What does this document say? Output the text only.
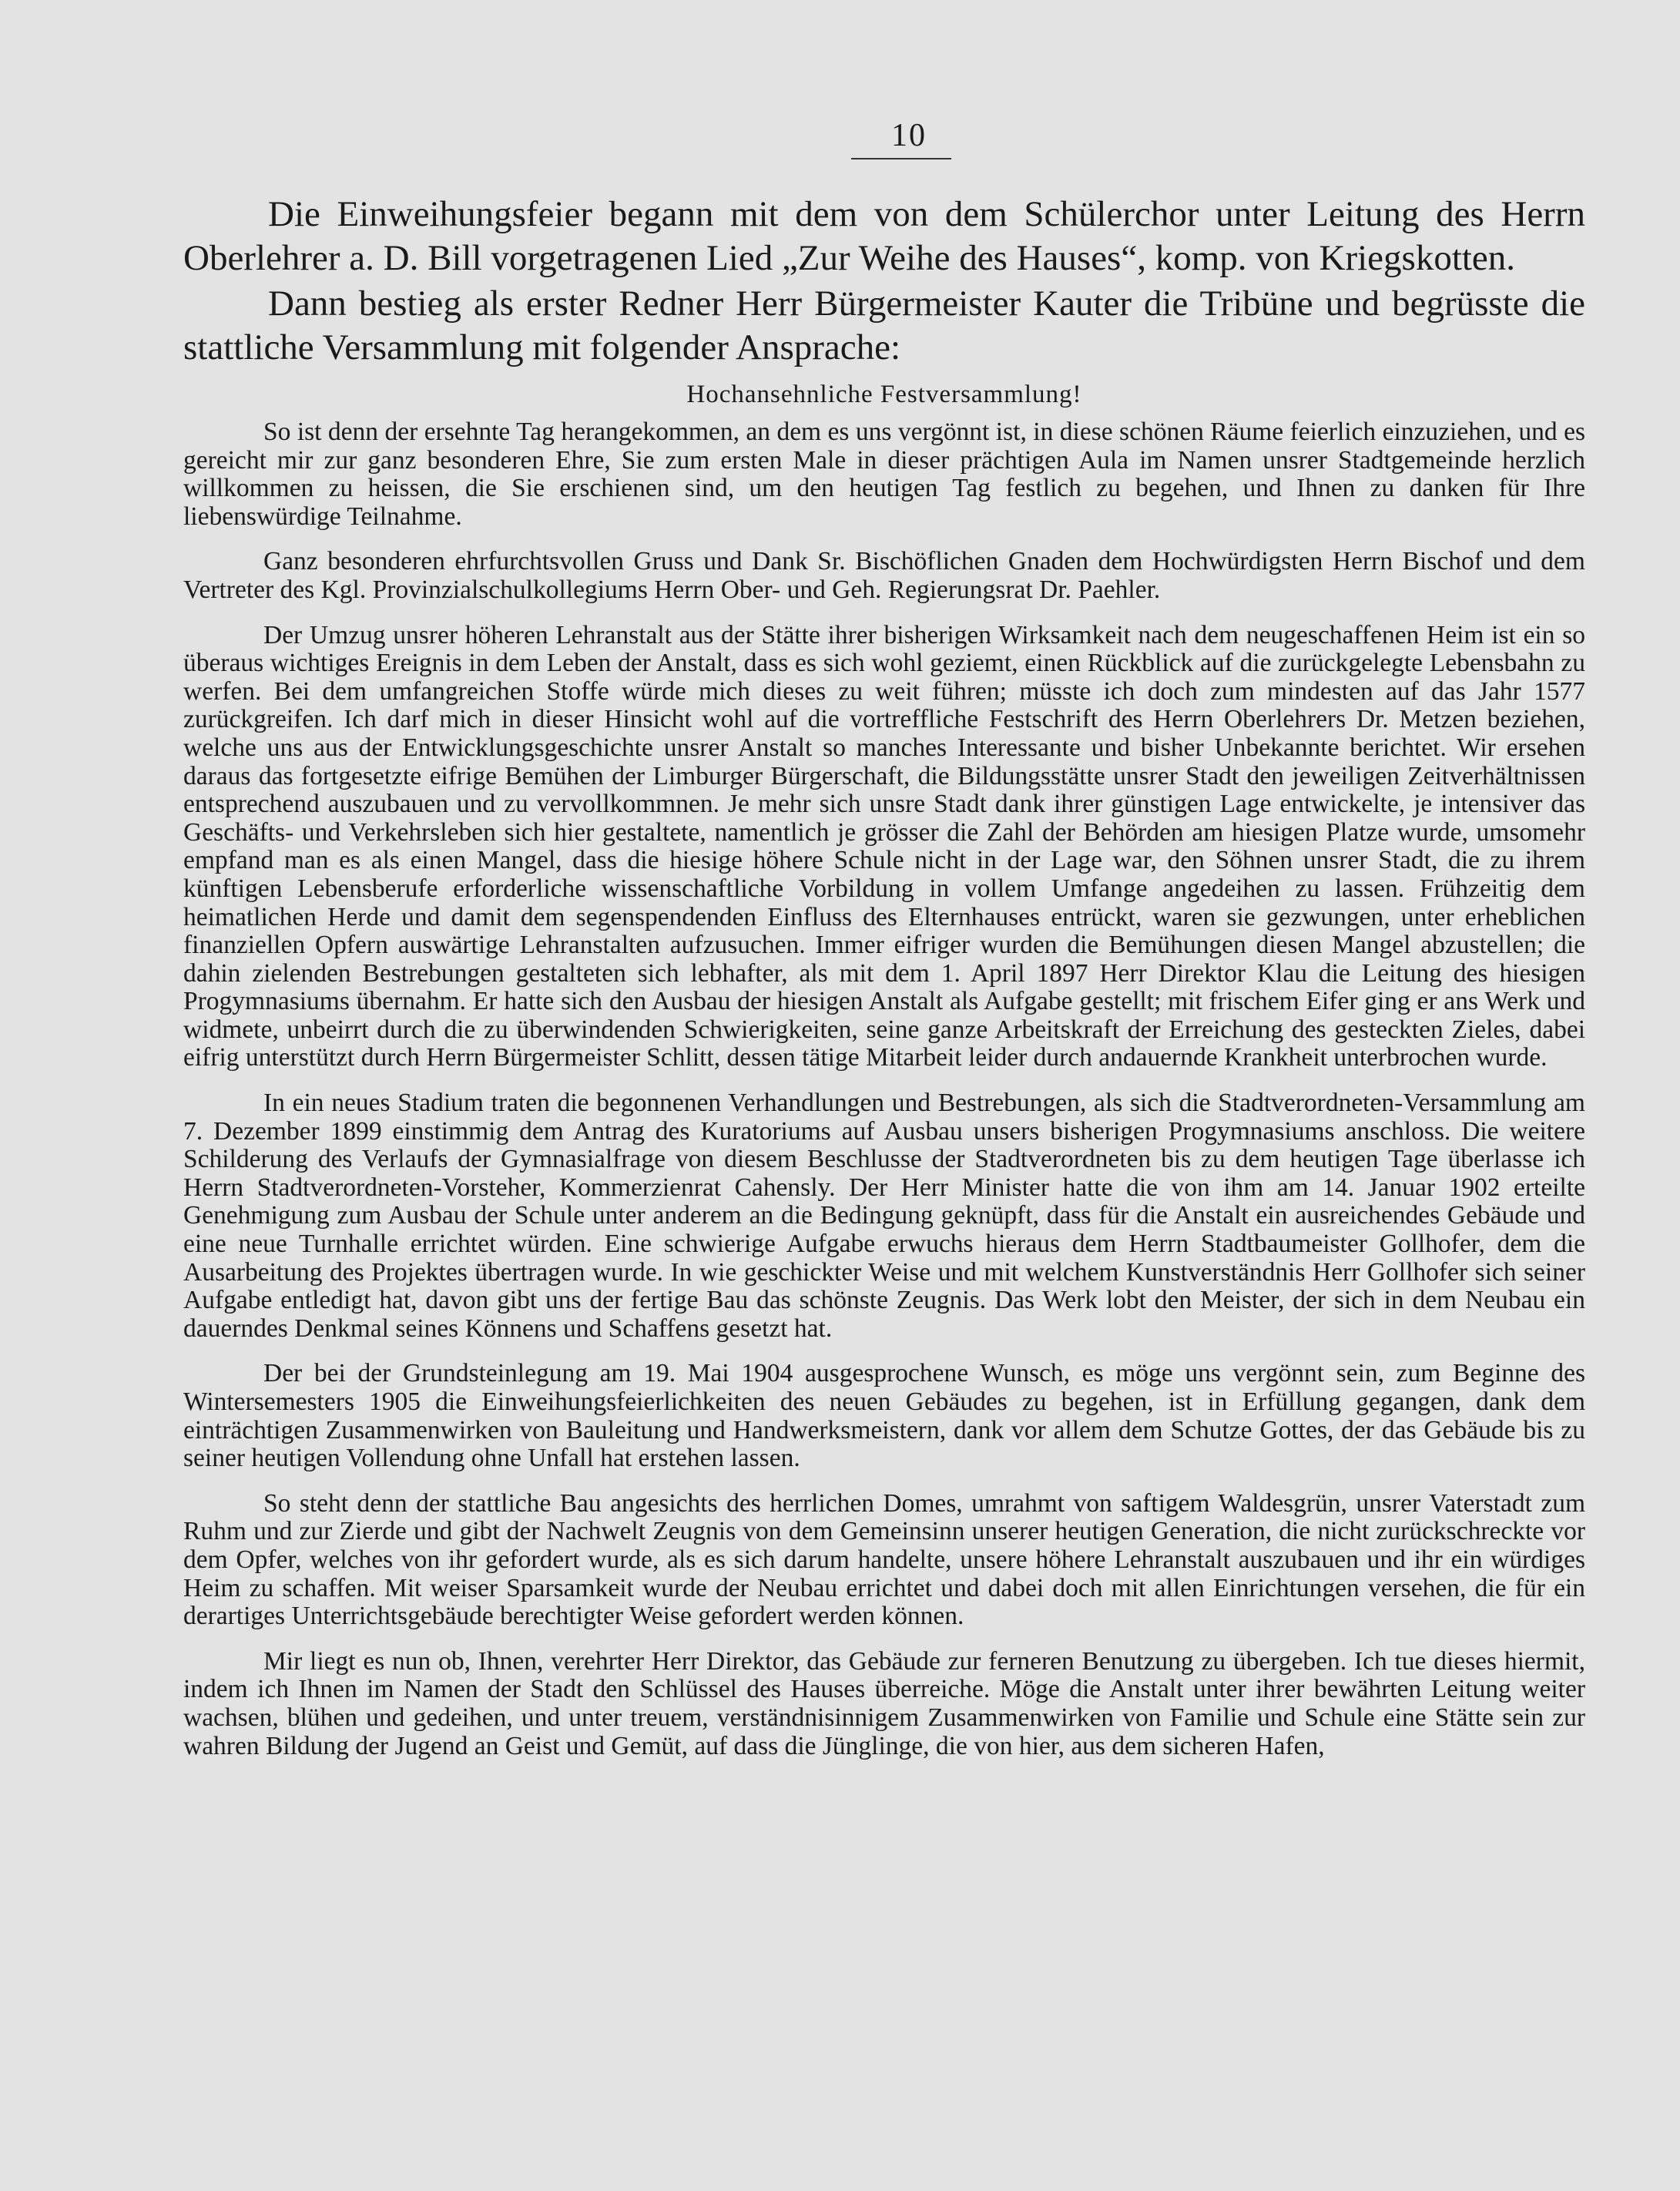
10

Die Einweihungsfeier begann mit dem von dem Schülerchor unter Leitung des Herrn Oberlehrer a. D. Bill vorgetragenen Lied „Zur Weihe des Hauses“, komp. von Kriegskotten.

Dann bestieg als erster Redner Herr Bürgermeister Kauter die Tribüne und begrüsste die stattliche Versammlung mit folgender Ansprache:

Hochansehnliche Festversammlung!

So ist denn der ersehnte Tag herangekommen, an dem es uns vergönnt ist, in diese schönen Räume feierlich einzuziehen, und es gereicht mir zur ganz besonderen Ehre, Sie zum ersten Male in dieser prächtigen Aula im Namen unsrer Stadtgemeinde herzlich willkommen zu heissen, die Sie erschienen sind, um den heutigen Tag festlich zu begehen, und Ihnen zu danken für Ihre liebenswürdige Teilnahme.

Ganz besonderen ehrfurchtsvollen Gruss und Dank Sr. Bischöflichen Gnaden dem Hochwürdigsten Herrn Bischof und dem Vertreter des Kgl. Provinzialschulkollegiums Herrn Ober- und Geh. Regierungsrat Dr. Paehler.

Der Umzug unsrer höheren Lehranstalt aus der Stätte ihrer bisherigen Wirksamkeit nach dem neugeschaffenen Heim ist ein so überaus wichtiges Ereignis in dem Leben der Anstalt, dass es sich wohl geziemt, einen Rückblick auf die zurückgelegte Lebensbahn zu werfen. Bei dem umfangreichen Stoffe würde mich dieses zu weit führen; müsste ich doch zum mindesten auf das Jahr 1577 zurückgreifen. Ich darf mich in dieser Hinsicht wohl auf die vortreffliche Festschrift des Herrn Oberlehrers Dr. Metzen beziehen, welche uns aus der Entwicklungsgeschichte unsrer Anstalt so manches Interessante und bisher Unbekannte berichtet. Wir ersehen daraus das fortgesetzte eifrige Bemühen der Limburger Bürgerschaft, die Bildungsstätte unsrer Stadt den jeweiligen Zeitverhältnissen entsprechend auszubauen und zu vervollkommnen. Je mehr sich unsre Stadt dank ihrer günstigen Lage entwickelte, je intensiver das Geschäfts- und Verkehrsleben sich hier gestaltete, namentlich je grösser die Zahl der Behörden am hiesigen Platze wurde, umsomehr empfand man es als einen Mangel, dass die hiesige höhere Schule nicht in der Lage war, den Söhnen unsrer Stadt, die zu ihrem künftigen Lebensberufe erforderliche wissenschaftliche Vorbildung in vollem Umfange angedeihen zu lassen. Frühzeitig dem heimatlichen Herde und damit dem segenspendenden Einfluss des Elternhauses entrückt, waren sie gezwungen, unter erheblichen finanziellen Opfern auswärtige Lehranstalten aufzusuchen. Immer eifriger wurden die Bemühungen diesen Mangel abzustellen; die dahin zielenden Bestrebungen gestalteten sich lebhafter, als mit dem 1. April 1897 Herr Direktor Klau die Leitung des hiesigen Progymnasiums übernahm. Er hatte sich den Ausbau der hiesigen Anstalt als Aufgabe gestellt; mit frischem Eifer ging er ans Werk und widmete, unbeirrt durch die zu überwindenden Schwierigkeiten, seine ganze Arbeitskraft der Erreichung des gesteckten Zieles, dabei eifrig unterstützt durch Herrn Bürgermeister Schlitt, dessen tätige Mitarbeit leider durch andauernde Krankheit unterbrochen wurde.

In ein neues Stadium traten die begonnenen Verhandlungen und Bestrebungen, als sich die Stadtverordneten-Versammlung am 7. Dezember 1899 einstimmig dem Antrag des Kuratoriums auf Ausbau unsers bisherigen Progymnasiums anschloss. Die weitere Schilderung des Verlaufs der Gymnasialfrage von diesem Beschlusse der Stadtverordneten bis zu dem heutigen Tage überlasse ich Herrn Stadtverordneten-Vorsteher, Kommerzienrat Cahensly. Der Herr Minister hatte die von ihm am 14. Januar 1902 erteilte Genehmigung zum Ausbau der Schule unter anderem an die Bedingung geknüpft, dass für die Anstalt ein ausreichendes Gebäude und eine neue Turnhalle errichtet würden. Eine schwierige Aufgabe erwuchs hieraus dem Herrn Stadtbaumeister Gollhofer, dem die Ausarbeitung des Projektes übertragen wurde. In wie geschickter Weise und mit welchem Kunstverständnis Herr Gollhofer sich seiner Aufgabe entledigt hat, davon gibt uns der fertige Bau das schönste Zeugnis. Das Werk lobt den Meister, der sich in dem Neubau ein dauerndes Denkmal seines Könnens und Schaffens gesetzt hat.

Der bei der Grundsteinlegung am 19. Mai 1904 ausgesprochene Wunsch, es möge uns vergönnt sein, zum Beginne des Wintersemesters 1905 die Einweihungsfeierlichkeiten des neuen Gebäudes zu begehen, ist in Erfüllung gegangen, dank dem einträchtigen Zusammenwirken von Bauleitung und Handwerksmeistern, dank vor allem dem Schutze Gottes, der das Gebäude bis zu seiner heutigen Vollendung ohne Unfall hat erstehen lassen.

So steht denn der stattliche Bau angesichts des herrlichen Domes, umrahmt von saftigem Waldesgrün, unsrer Vaterstadt zum Ruhm und zur Zierde und gibt der Nachwelt Zeugnis von dem Gemeinsinn unserer heutigen Generation, die nicht zurückschreckte vor dem Opfer, welches von ihr gefordert wurde, als es sich darum handelte, unsere höhere Lehranstalt auszubauen und ihr ein würdiges Heim zu schaffen. Mit weiser Sparsamkeit wurde der Neubau errichtet und dabei doch mit allen Einrichtungen versehen, die für ein derartiges Unterrichtsgebäude berechtigter Weise gefordert werden können.

Mir liegt es nun ob, Ihnen, verehrter Herr Direktor, das Gebäude zur ferneren Benutzung zu übergeben. Ich tue dieses hiermit, indem ich Ihnen im Namen der Stadt den Schlüssel des Hauses überreiche. Möge die Anstalt unter ihrer bewährten Leitung weiter wachsen, blühen und gedeihen, und unter treuem, verständnisinnigem Zusammenwirken von Familie und Schule eine Stätte sein zur wahren Bildung der Jugend an Geist und Gemüt, auf dass die Jünglinge, die von hier, aus dem sicheren Hafen,
